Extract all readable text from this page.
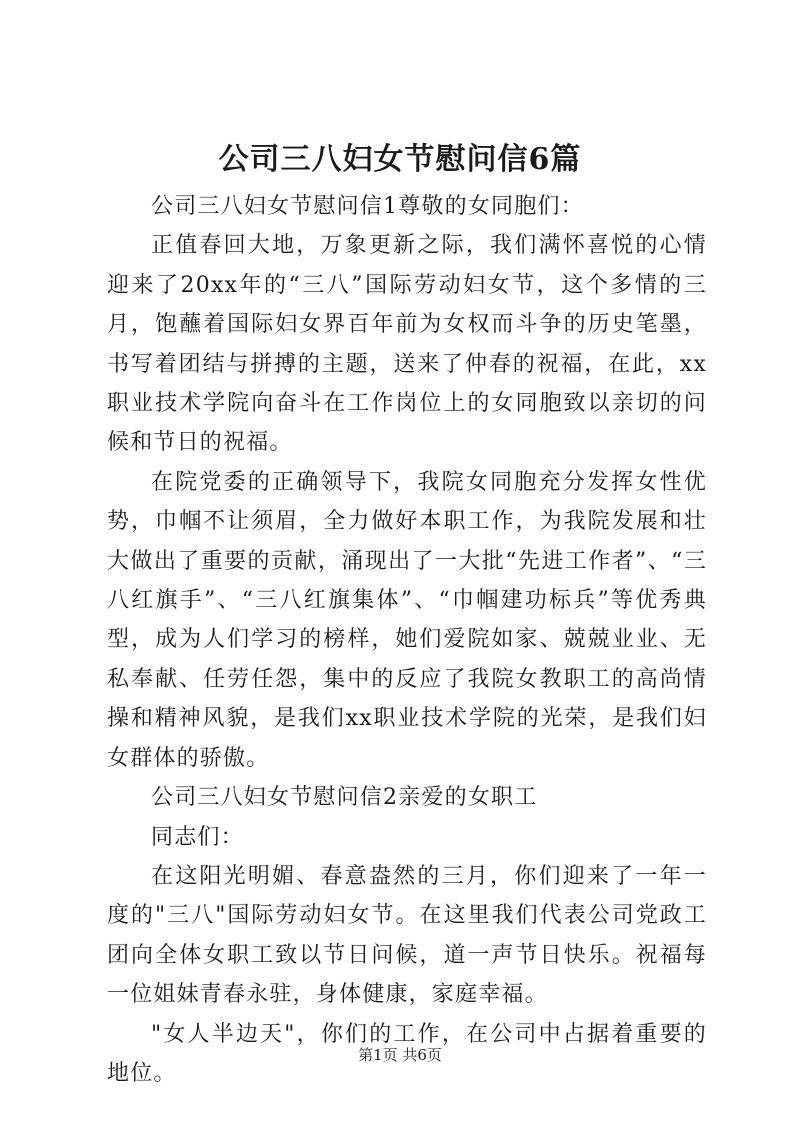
公司三八妇女节慰问信6篇

公司三八妇女节慰问信1尊敬的女同胞们：

正值春回大地，万象更新之际，我们满怀喜悦的心情迎来了20xx年的“三八”国际劳动妇女节，这个多情的三月，饱蘸着国际妇女界百年前为女权而斗争的历史笔墨，书写着团结与拼搏的主题，送来了仲春的祝福，在此，xx职业技术学院向奋斗在工作岗位上的女同胞致以亲切的问候和节日的祝福。

在院党委的正确领导下，我院女同胞充分发挥女性优势，巾帼不让须眉，全力做好本职工作，为我院发展和壮大做出了重要的贡献，涌现出了一大批“先进工作者”、“三八红旗手”、“三八红旗集体”、“巾帼建功标兵”等优秀典型，成为人们学习的榜样，她们爱院如家、兢兢业业、无私奉献、任劳任怨，集中的反应了我院女教职工的高尚情操和精神风貌，是我们xx职业技术学院的光荣，是我们妇女群体的骄傲。

公司三八妇女节慰问信2亲爱的女职工

同志们：

在这阳光明媚、春意盎然的三月，你们迎来了一年一度的"三八"国际劳动妇女节。在这里我们代表公司党政工团向全体女职工致以节日问候，道一声节日快乐。祝福每一位姐妹青春永驻，身体健康，家庭幸福。

"女人半边天"，你们的工作，在公司中占据着重要的地位。

第1页 共6页
